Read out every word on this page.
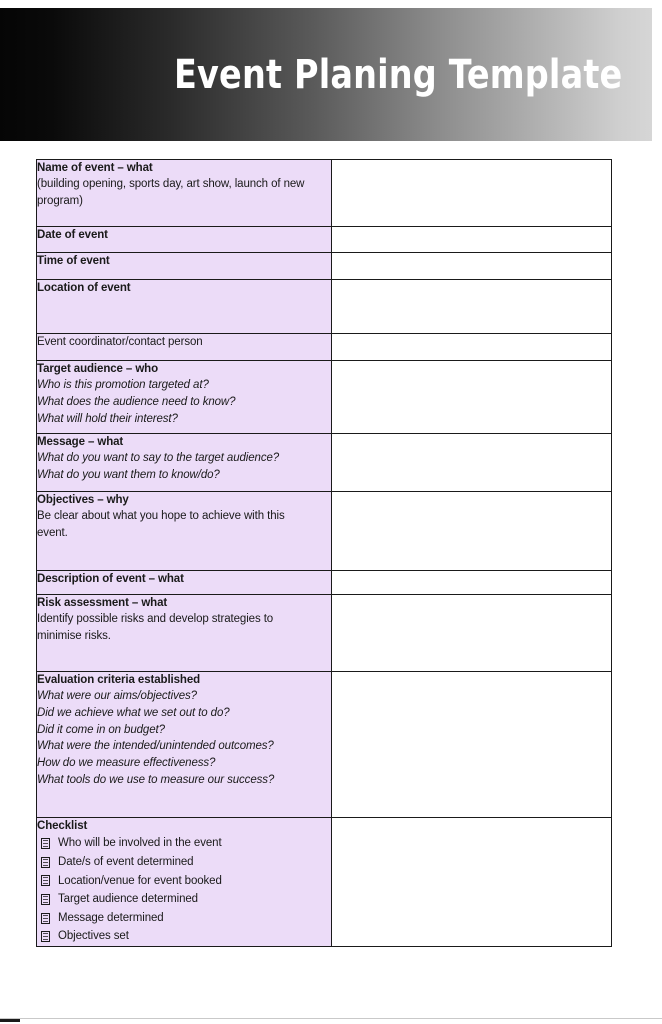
Event Planing Template
Name of event – what
(building opening, sports day, art show, launch of new
program)	

Date of event	

Time of event	

Location of event	

Event coordinator/contact person	

Target audience – who
Who is this promotion targeted at?
What does the audience need to know?
What will hold their interest?	

Message – what
What do you want to say to the target audience?
What do you want them to know/do?	

Objectives – why
Be clear about what you hope to achieve with this
event.	

Description of event – what	

Risk assessment – what
Identify possible risks and develop strategies to
minimise risks.	

Evaluation criteria established
What were our aims/objectives?
Did we achieve what we set out to do?
Did it come in on budget?
What were the intended/unintended outcomes?
How do we measure effectiveness?
What tools do we use to measure our success?

Checklist
Who will be involved in the event
Date/s of event determined
Location/venue for event booked
Target audience determined
Message determined
Objectives set
